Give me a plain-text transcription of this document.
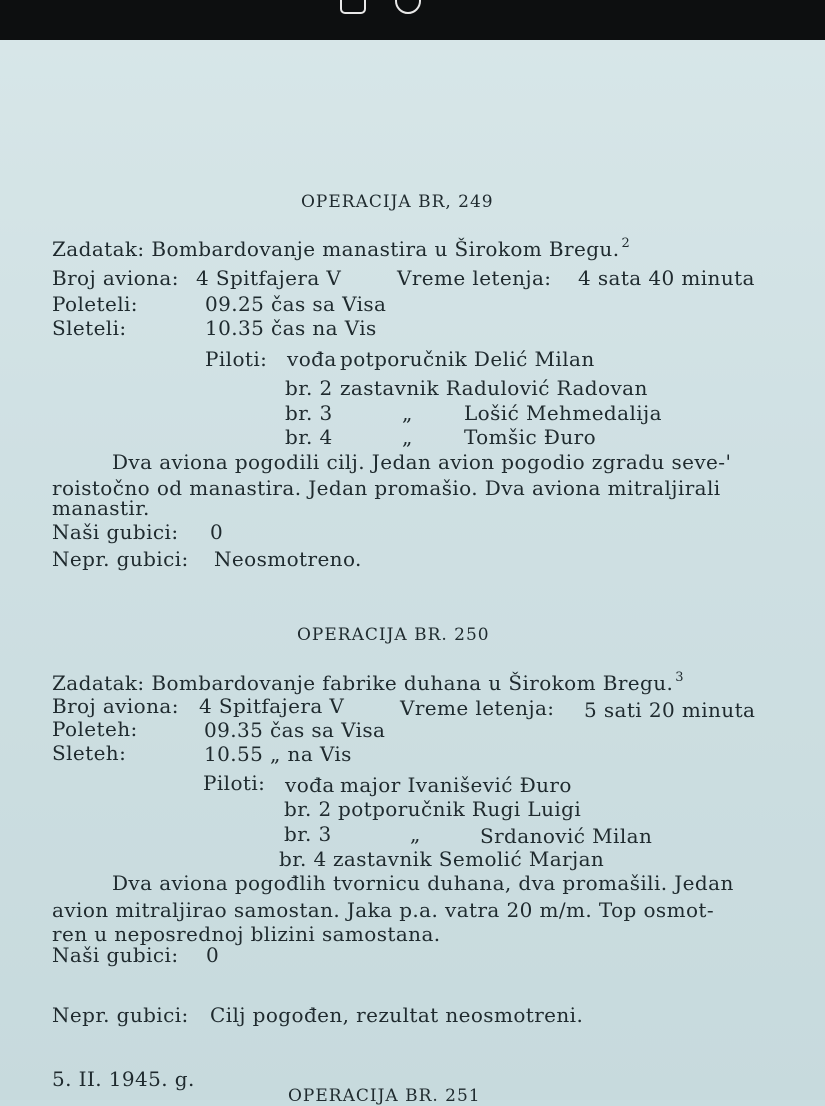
OPERACIJA BR, 249
Zadatak: Bombardovanje manastira u Širokom Bregu. $^2$
Broj aviona: 4 Spitfajera V	Vreme letenja: 4 sata 40 minuta
Poleteli:	09.25 čas sa Visa
Sleteli:	10.35 čas na Vis
Piloti: vođa potporučnik Delić Milan
br. 2 zastavnik Radulović Radovan
br. 3	„	Lošić Mehmedalija
br. 4	„	Tomšic Đuro
Dva aviona pogodili cilj. Jedan avion pogodio zgradu seve-'
roistočno od manastira. Jedan promašio. Dva aviona mitraljirali
manastir.
Naši gubici: 0
Nepr. gubici: Neosmotreno.
OPERACIJA BR. 250
Zadatak: Bombardovanje fabrike duhana u Širokom Bregu. $^3$
Broj aviona: 4 Spitfajera V	Vreme letenja: 5 sati 20 minuta
Poleteh:	09.35 čas sa Visa
Sleteh:	10.55 „ na Vis
Piloti: vođa major Ivanišević Đuro
br. 2 potporučnik Rugi Luigi
br. 3	„	Srdanović Milan
br. 4 zastavnik Semolić Marjan
Dva aviona pogođlih tvornicu duhana, dva promašili. Jedan
avion mitraljirao samostan. Jaka p.a. vatra 20 m/m. Top osmot-
ren u neposrednoj blizini samostana.
Naši gubici: 0
Nepr. gubici: Cilj pogođen, rezultat neosmotreni.
5. II. 1945. g.
OPERACIJA BR. 251
